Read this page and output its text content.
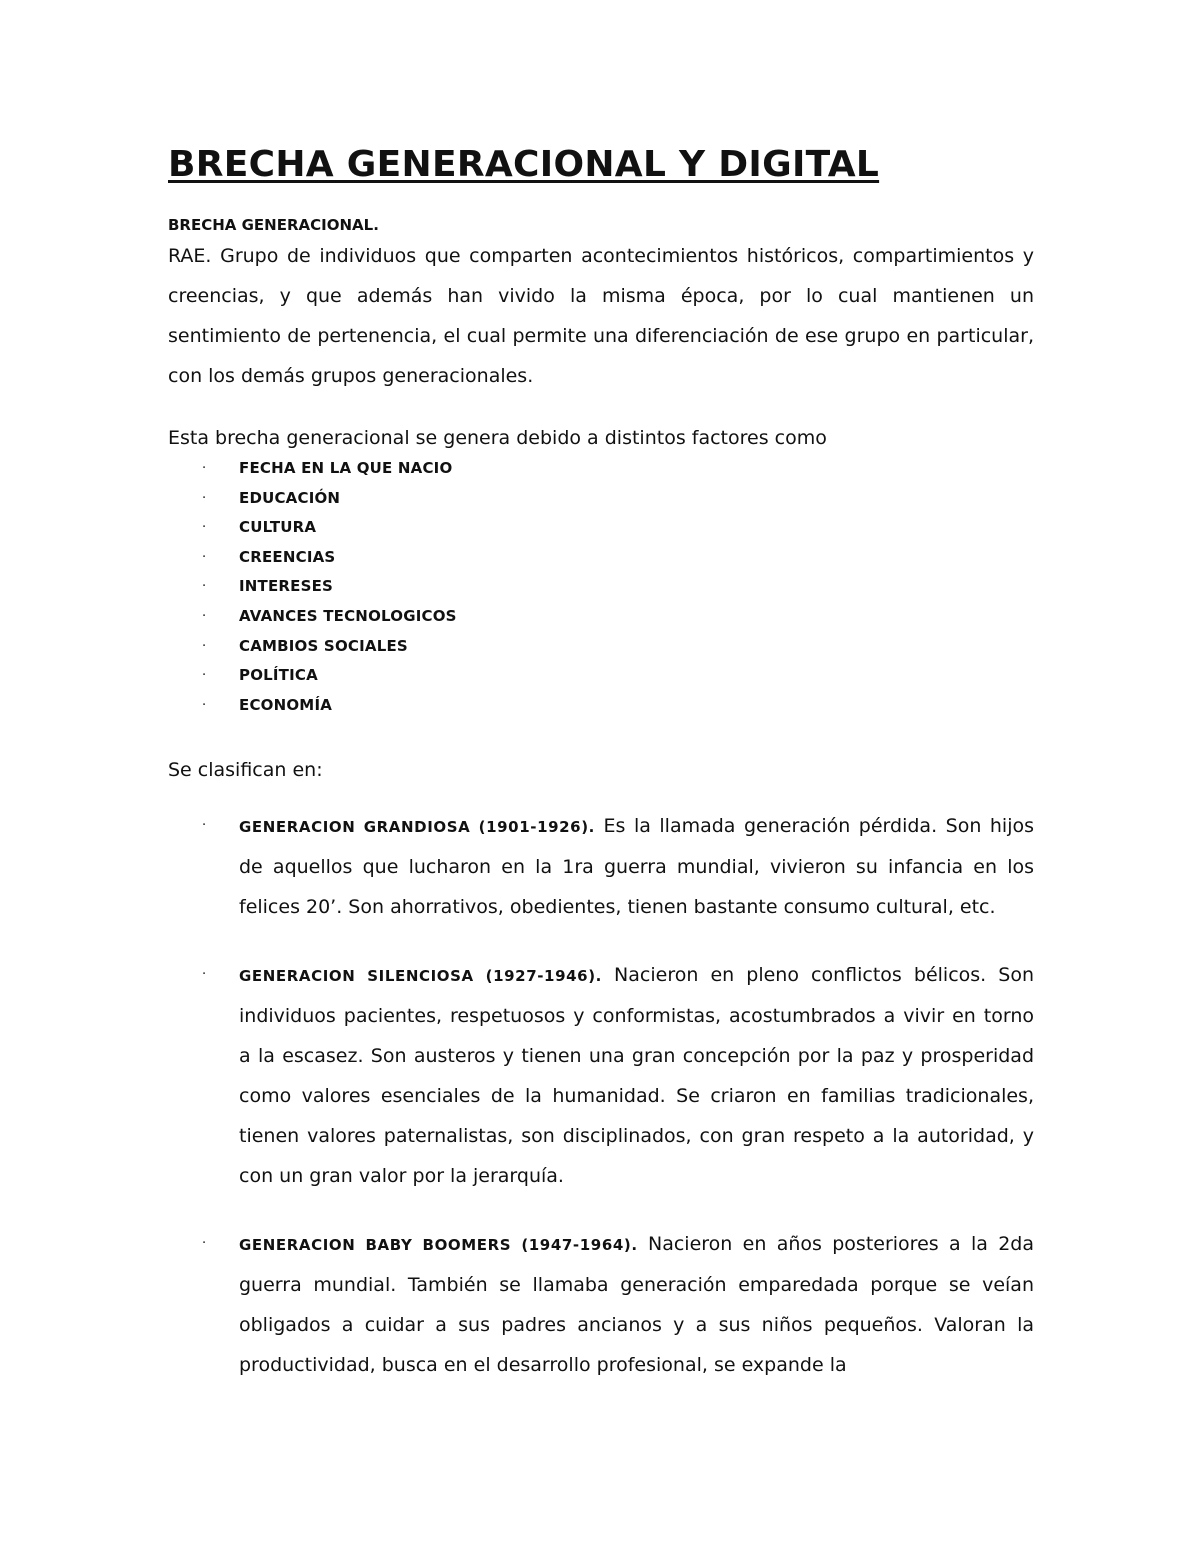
BRECHA GENERACIONAL Y DIGITAL
BRECHA GENERACIONAL.

RAE. Grupo de individuos que comparten acontecimientos históricos, compartimientos y creencias, y que además han vivido la misma época, por lo cual mantienen un sentimiento de pertenencia, el cual permite una diferenciación de ese grupo en particular, con los demás grupos generacionales.

Esta brecha generacional se genera debido a distintos factores como
· FECHA EN LA QUE NACIO
· EDUCACIÓN
· CULTURA
· CREENCIAS
· INTERESES
· AVANCES TECNOLOGICOS
· CAMBIOS SOCIALES
· POLÍTICA
· ECONOMÍA
Se clasifican en:
· GENERACION GRANDIOSA (1901-1926). Es la llamada generación pérdida. Son hijos de aquellos que lucharon en la 1ra guerra mundial, vivieron su infancia en los felices 20’. Son ahorrativos, obedientes, tienen bastante consumo cultural, etc.
· GENERACION SILENCIOSA (1927-1946). Nacieron en pleno conflictos bélicos. Son individuos pacientes, respetuosos y conformistas, acostumbrados a vivir en torno a la escasez. Son austeros y tienen una gran concepción por la paz y prosperidad como valores esenciales de la humanidad. Se criaron en familias tradicionales, tienen valores paternalistas, son disciplinados, con gran respeto a la autoridad, y con un gran valor por la jerarquía.
· GENERACION BABY BOOMERS (1947-1964). Nacieron en años posteriores a la 2da guerra mundial. También se llamaba generación emparedada porque se veían obligados a cuidar a sus padres ancianos y a sus niños pequeños. Valoran la productividad, busca en el desarrollo profesional, se expande la
